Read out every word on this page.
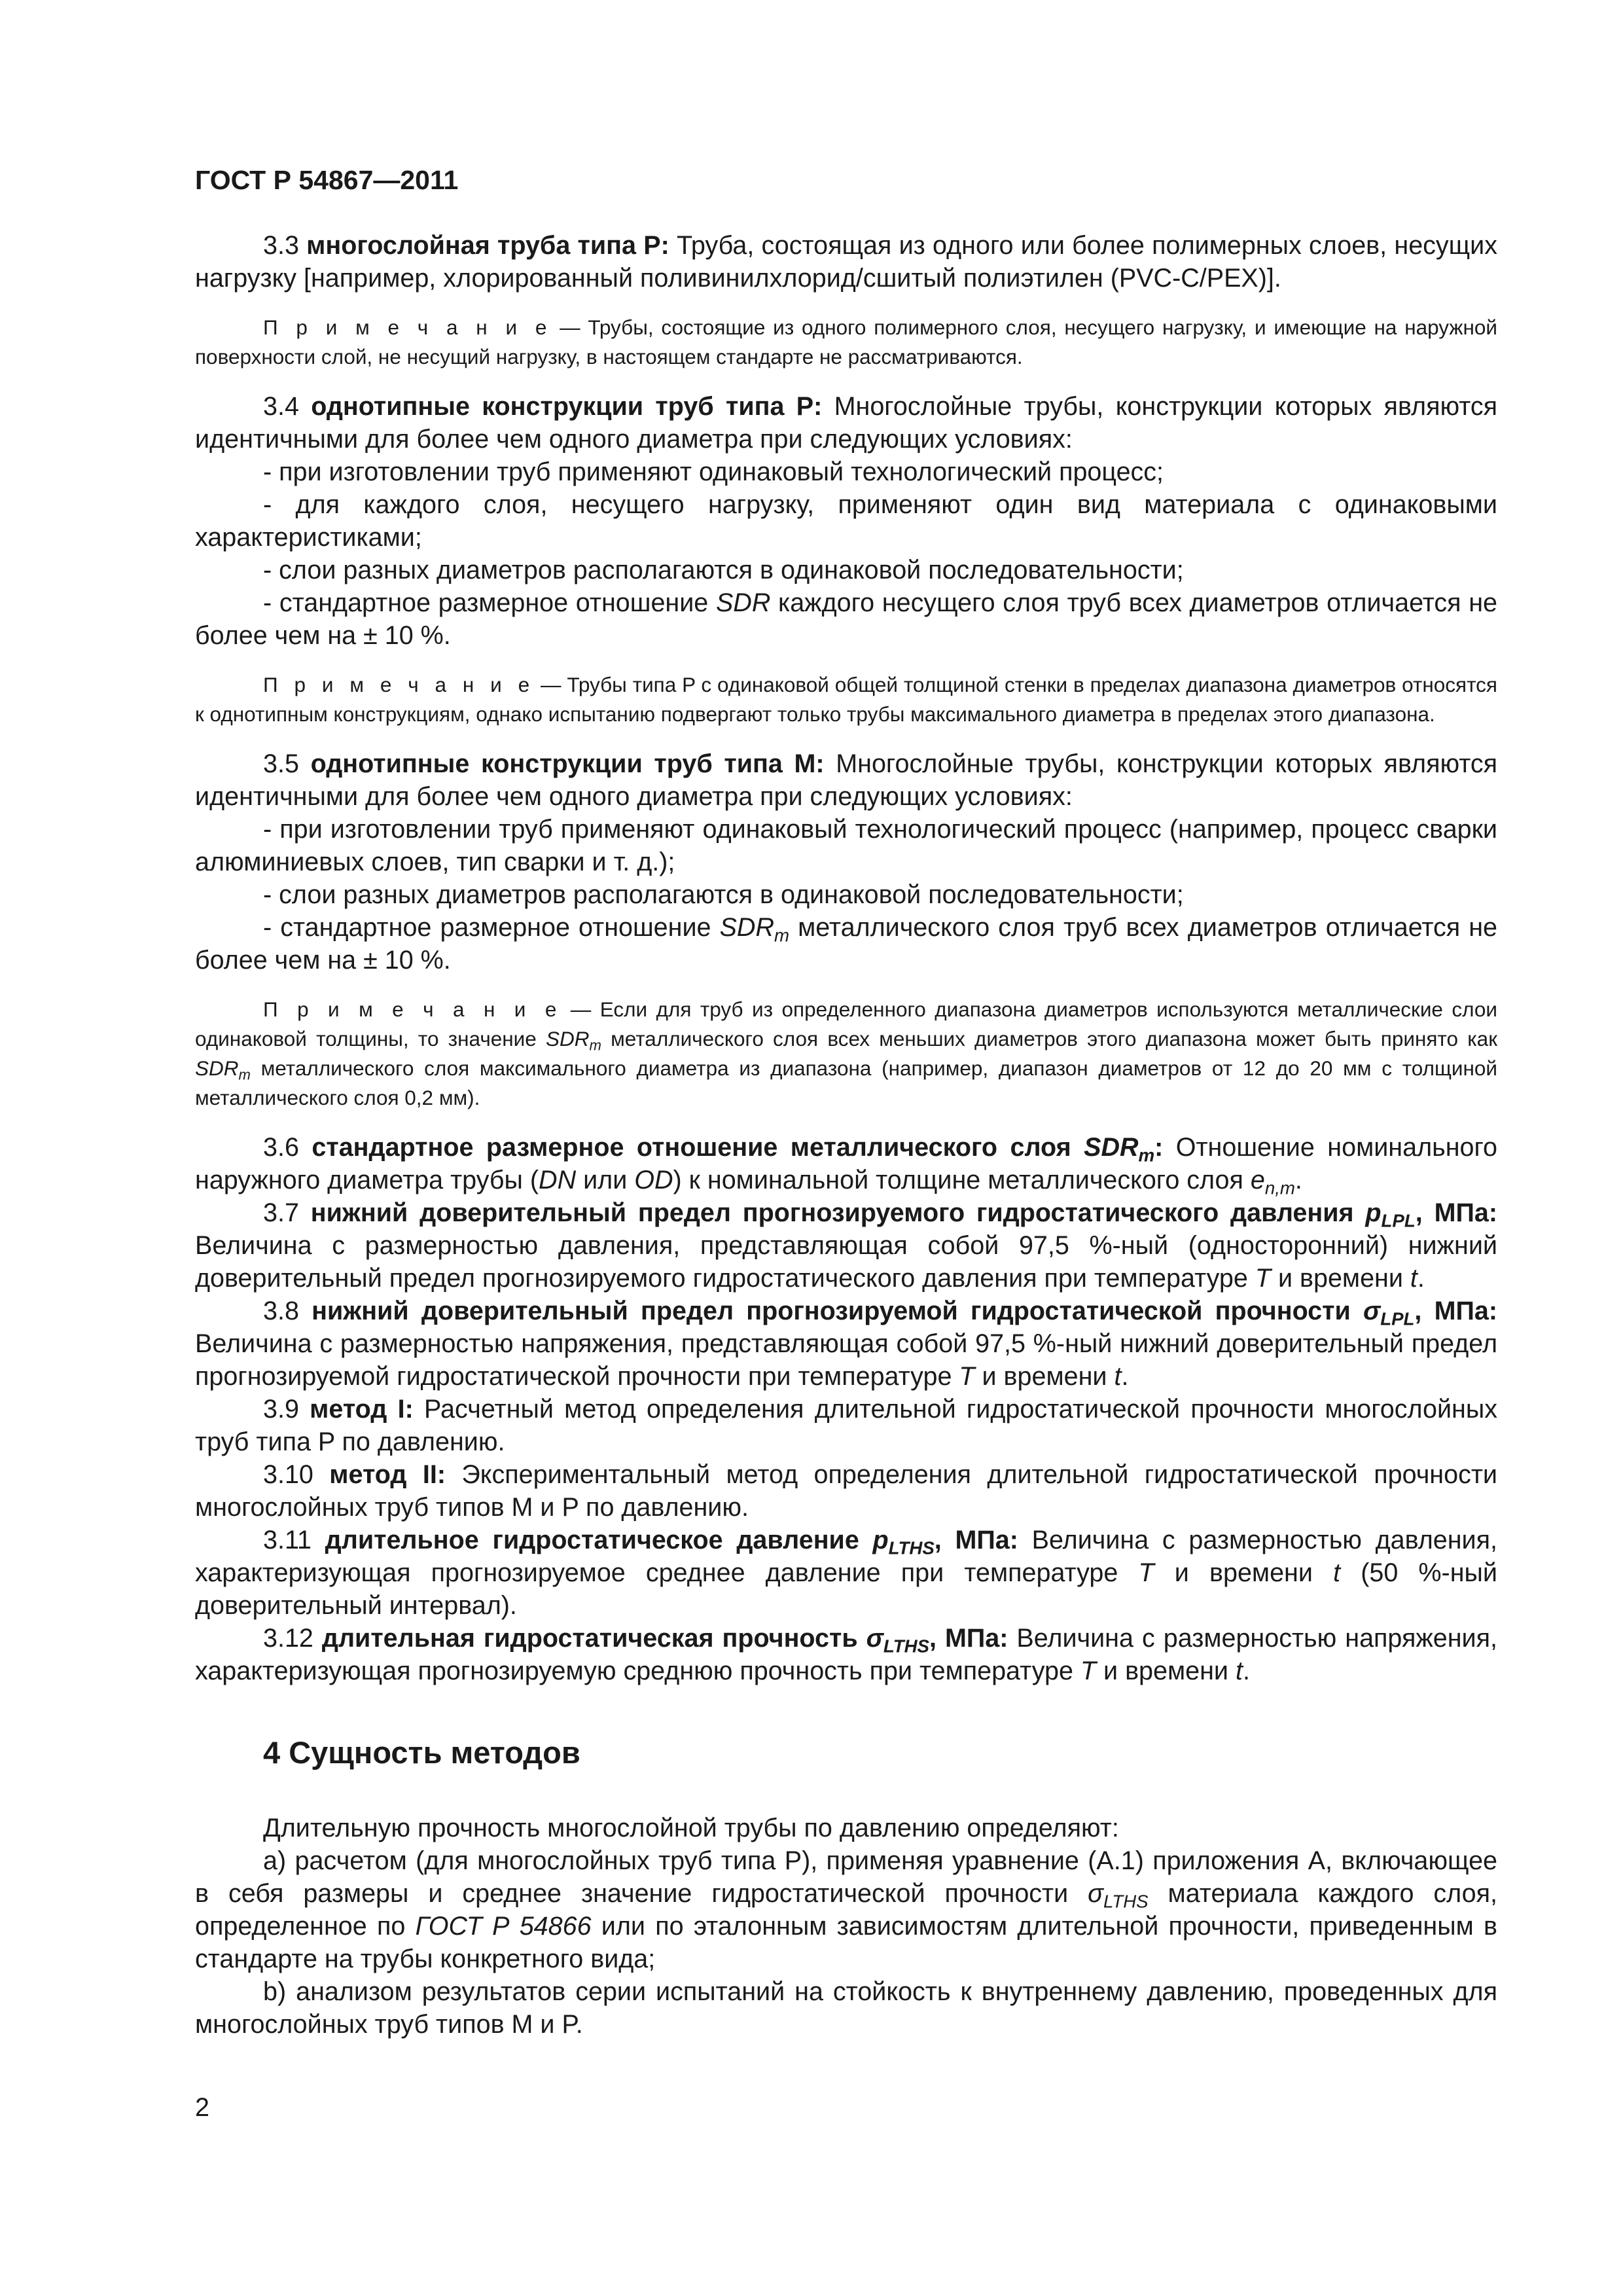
ГОСТ Р 54867—2011

3.3 многослойная труба типа P: Труба, состоящая из одного или более полимерных слоев, несущих нагрузку [например, хлорированный поливинилхлорид/сшитый полиэтилен (PVC-C/PEX)].

П р и м е ч а н и е — Трубы, состоящие из одного полимерного слоя, несущего нагрузку, и имеющие на наружной поверхности слой, не несущий нагрузку, в настоящем стандарте не рассматриваются.

3.4 однотипные конструкции труб типа P: Многослойные трубы, конструкции которых являются идентичными для более чем одного диаметра при следующих условиях:

- при изготовлении труб применяют одинаковый технологический процесс;

- для каждого слоя, несущего нагрузку, применяют один вид материала с одинаковыми характеристиками;

- слои разных диаметров располагаются в одинаковой последовательности;

- стандартное размерное отношение SDR каждого несущего слоя труб всех диаметров отличается не более чем на ± 10 %.

П р и м е ч а н и е — Трубы типа P с одинаковой общей толщиной стенки в пределах диапазона диаметров относятся к однотипным конструкциям, однако испытанию подвергают только трубы максимального диаметра в пределах этого диапазона.

3.5 однотипные конструкции труб типа M: Многослойные трубы, конструкции которых являются идентичными для более чем одного диаметра при следующих условиях:

- при изготовлении труб применяют одинаковый технологический процесс (например, процесс сварки алюминиевых слоев, тип сварки и т. д.);

- слои разных диаметров располагаются в одинаковой последовательности;

- стандартное размерное отношение $SDR_m$ металлического слоя труб всех диаметров отличается не более чем на ± 10 %.

П р и м е ч а н и е — Если для труб из определенного диапазона диаметров используются металлические слои одинаковой толщины, то значение $SDR_m$ металлического слоя всех меньших диаметров этого диапазона может быть принято как $SDR_m$ металлического слоя максимального диаметра из диапазона (например, диапазон диаметров от 12 до 20 мм с толщиной металлического слоя 0,2 мм).

3.6 стандартное размерное отношение металлического слоя $SDR_m$: Отношение номинального наружного диаметра трубы (DN или OD) к номинальной толщине металлического слоя $e_{n,m}$.

3.7 нижний доверительный предел прогнозируемого гидростатического давления $p_{LPL}$, МПа: Величина с размерностью давления, представляющая собой 97,5 %-ный (односторонний) нижний доверительный предел прогнозируемого гидростатического давления при температуре T и времени t.

3.8 нижний доверительный предел прогнозируемой гидростатической прочности $\sigma_{LPL}$, МПа: Величина с размерностью напряжения, представляющая собой 97,5 %-ный нижний доверительный предел прогнозируемой гидростатической прочности при температуре T и времени t.

3.9 метод I: Расчетный метод определения длительной гидростатической прочности многослойных труб типа P по давлению.

3.10 метод II: Экспериментальный метод определения длительной гидростатической прочности многослойных труб типов M и P по давлению.

3.11 длительное гидростатическое давление $p_{LTHS}$, МПа: Величина с размерностью давления, характеризующая прогнозируемое среднее давление при температуре T и времени t (50 %-ный доверительный интервал).

3.12 длительная гидростатическая прочность $\sigma_{LTHS}$, МПа: Величина с размерностью напряжения, характеризующая прогнозируемую среднюю прочность при температуре T и времени t.

4 Сущность методов

Длительную прочность многослойной трубы по давлению определяют:

а) расчетом (для многослойных труб типа P), применяя уравнение (А.1) приложения А, включающее в себя размеры и среднее значение гидростатической прочности $\sigma_{LTHS}$ материала каждого слоя, определенное по ГОСТ Р 54866 или по эталонным зависимостям длительной прочности, приведенным в стандарте на трубы конкретного вида;

b) анализом результатов серии испытаний на стойкость к внутреннему давлению, проведенных для многослойных труб типов M и P.

2
